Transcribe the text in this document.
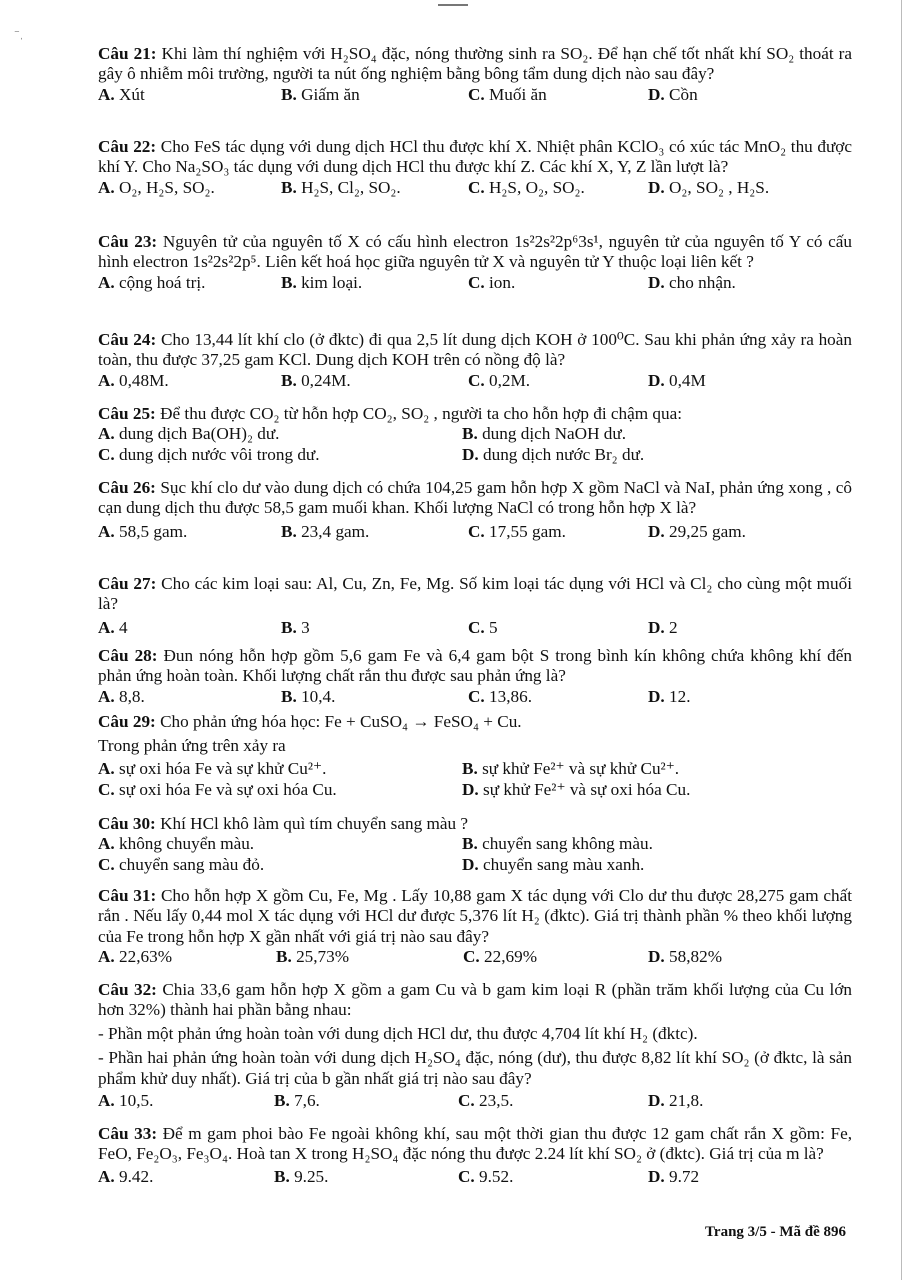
⁻ˌ

Câu 21: Khi làm thí nghiệm với H₂SO₄ đặc, nóng thường sinh ra SO₂. Để hạn chế tốt nhất khí SO₂ thoát ra gây ô nhiễm môi trường, người ta nút ống nghiệm bằng bông tẩm dung dịch nào sau đây?

A. Xút	B. Giấm ăn	C. Muối ăn	D. Cồn

Câu 22: Cho FeS tác dụng với dung dịch HCl thu được khí X. Nhiệt phân KClO₃ có xúc tác MnO₂ thu được khí Y. Cho Na₂SO₃ tác dụng với dung dịch HCl thu được khí Z. Các khí X, Y, Z lần lượt là?

A. O₂, H₂S, SO₂.	B. H₂S, Cl₂, SO₂.	C. H₂S, O₂, SO₂.	D. O₂, SO₂ , H₂S.

Câu 23: Nguyên tử của nguyên tố X có cấu hình electron 1s²2s²2p⁶3s¹, nguyên tử của nguyên tố Y có cấu hình electron 1s²2s²2p⁵. Liên kết hoá học giữa nguyên tử X và nguyên tử Y thuộc loại liên kết ?

A. cộng hoá trị.	B. kim loại.	C. ion.	D. cho nhận.

Câu 24: Cho 13,44 lít khí clo (ở đktc) đi qua 2,5 lít dung dịch KOH ở 100⁰C. Sau khi phản ứng xảy ra hoàn toàn, thu được 37,25 gam KCl. Dung dịch KOH trên có nồng độ là?

A. 0,48M.	B. 0,24M.	C. 0,2M.	D. 0,4M

Câu 25: Để thu được CO₂ từ hỗn hợp CO₂, SO₂ , người ta cho hỗn hợp đi chậm qua:

A. dung dịch Ba(OH)₂ dư.	B. dung dịch NaOH dư.
C. dung dịch nước vôi trong dư.	D. dung dịch nước Br₂ dư.

Câu 26: Sục khí clo dư vào dung dịch có chứa 104,25 gam hỗn hợp X gồm NaCl và NaI, phản ứng xong , cô cạn dung dịch thu được 58,5 gam muối khan. Khối lượng NaCl có trong hỗn hợp X là?

A. 58,5 gam.	B. 23,4 gam.	C. 17,55 gam.	D. 29,25 gam.

Câu 27: Cho các kim loại sau: Al, Cu, Zn, Fe, Mg. Số kim loại tác dụng với HCl và Cl₂ cho cùng một muối là?

A. 4	B. 3	C. 5	D. 2

Câu 28: Đun nóng hỗn hợp gồm 5,6 gam Fe và 6,4 gam bột S trong bình kín không chứa không khí đến phản ứng hoàn toàn. Khối lượng chất rắn thu được sau phản ứng là?

A. 8,8.	B. 10,4.	C. 13,86.	D. 12.

Câu 29: Cho phản ứng hóa học: Fe + CuSO₄ → FeSO₄ + Cu.

Trong phản ứng trên xảy ra

A. sự oxi hóa Fe và sự khử Cu²⁺.	B. sự khử Fe²⁺ và sự khử Cu²⁺.
C. sự oxi hóa Fe và sự oxi hóa Cu.	D. sự khử Fe²⁺ và sự oxi hóa Cu.

Câu 30: Khí HCl khô làm quì tím chuyển sang màu ?

A. không chuyển màu.	B. chuyển sang không màu.
C. chuyển sang màu đỏ.	D. chuyển sang màu xanh.

Câu 31: Cho hỗn hợp X gồm Cu, Fe, Mg . Lấy 10,88 gam X tác dụng với Clo dư thu được 28,275 gam chất rắn . Nếu lấy 0,44 mol X tác dụng với HCl dư được 5,376 lít H₂ (đktc). Giá trị thành phần % theo khối lượng của Fe trong hỗn hợp X gần nhất với giá trị nào sau đây?

A. 22,63%	B. 25,73%	C. 22,69%	D. 58,82%

Câu 32: Chia 33,6 gam hỗn hợp X gồm a gam Cu và b gam kim loại R (phần trăm khối lượng của Cu lớn hơn 32%) thành hai phần bằng nhau:

- Phần một phản ứng hoàn toàn với dung dịch HCl dư, thu được 4,704 lít khí H₂ (đktc).

- Phần hai phản ứng hoàn toàn với dung dịch H₂SO₄ đặc, nóng (dư), thu được 8,82 lít khí SO₂ (ở đktc, là sản phẩm khử duy nhất). Giá trị của b gần nhất giá trị nào sau đây?

A. 10,5.	B. 7,6.	C. 23,5.	D. 21,8.

Câu 33: Để m gam phoi bào Fe ngoài không khí, sau một thời gian thu được 12 gam chất rắn X gồm: Fe, FeO, Fe₂O₃, Fe₃O₄. Hoà tan X trong H₂SO₄ đặc nóng thu được 2.24 lít khí SO₂ ở (đktc). Giá trị của m là?

A. 9.42.	B. 9.25.	C. 9.52.	D. 9.72
Trang 3/5 - Mã đề 896
